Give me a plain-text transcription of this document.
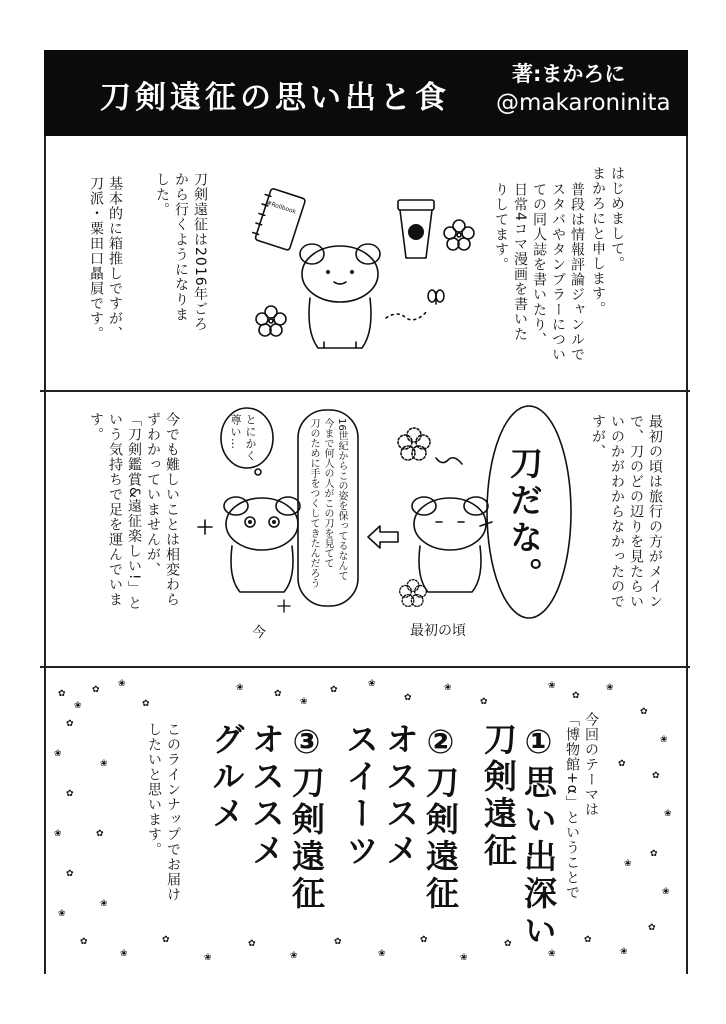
刀剣遠征の思い出と食
著:まかろに
@makaroninita
はじめまして。
まかろにと申します。
普段は情報評論ジャンルで
スタバやタンブラーについ
ての同人誌を書いたり、
日常4コマ漫画を書いた
りしてます。
刀剣遠征は2016年ごろ
から行くようになりま
した。
基本的に箱推しですが、
刀派・粟田口贔屓です。	#Rollbook
最初の頃は旅行の方がメイン
で、刀のどの辺りを見たらい
いのかがわからなかったので
すが、
刀だな。
最初の頃
16世紀からこの姿を保ってるなんて
今まで何人の人がこの刀を見てて
刀のために手をつくしてきたんだろう
とにかく
尊い…
今
今でも難しいことは相変わら
ずわかっていませんが、
「刀剣鑑賞&遠征楽しい!」と
いう気持ちで足を運んでいま
す。
今回のテーマは
「博物館+α」ということで
①思い出深い
刀剣遠征
②刀剣遠征
オススメ
スイーツ
③刀剣遠征
オススメ
グルメ
このラインナップでお届け
したいと思います。
✿
❀
✿
❀
✿
❀
✿
❀
✿
❀
✿
❀
✿
❀
✿
❀
✿
❀
✿
❀
✿
❀
✿
❀
✿
❀
✿
❀
✿
❀
✿
❀
✿
❀
✿
❀
✿
❀
✿
❀
✿
❀
✿
❀
✿
❀
✿
❀
